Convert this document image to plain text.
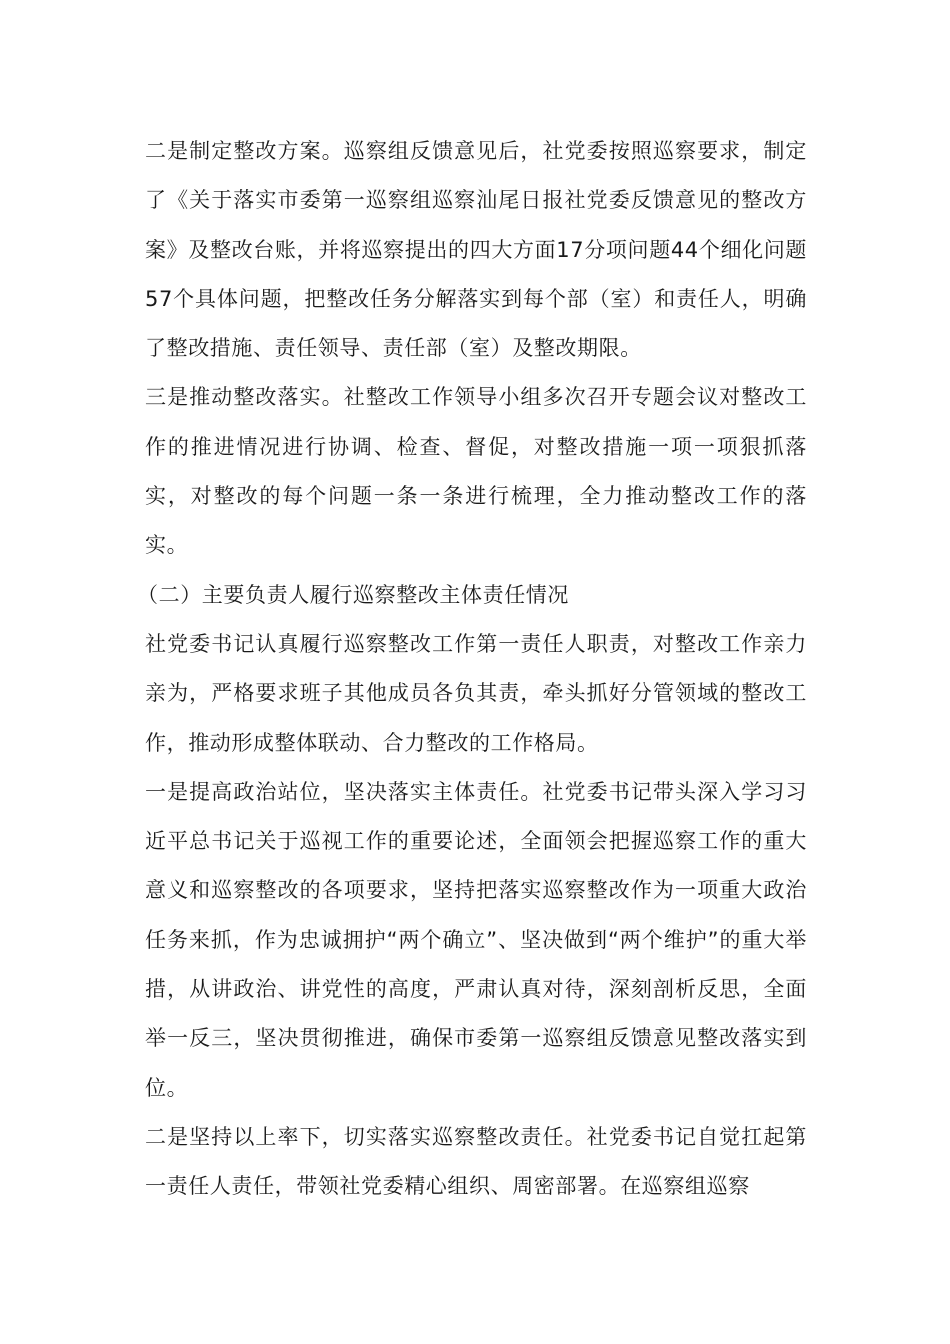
二是制定整改方案。巡察组反馈意见后，社党委按照巡察要求，制定了《关于落实市委第一巡察组巡察汕尾日报社党委反馈意见的整改方案》及整改台账，并将巡察提出的四大方面17分项问题44个细化问题57个具体问题，把整改任务分解落实到每个部（室）和责任人，明确了整改措施、责任领导、责任部（室）及整改期限。

三是推动整改落实。社整改工作领导小组多次召开专题会议对整改工作的推进情况进行协调、检查、督促，对整改措施一项一项狠抓落实，对整改的每个问题一条一条进行梳理，全力推动整改工作的落实。

（二）主要负责人履行巡察整改主体责任情况

社党委书记认真履行巡察整改工作第一责任人职责，对整改工作亲力亲为，严格要求班子其他成员各负其责，牵头抓好分管领域的整改工作，推动形成整体联动、合力整改的工作格局。

一是提高政治站位，坚决落实主体责任。社党委书记带头深入学习习近平总书记关于巡视工作的重要论述，全面领会把握巡察工作的重大意义和巡察整改的各项要求，坚持把落实巡察整改作为一项重大政治任务来抓，作为忠诚拥护“两个确立”、坚决做到“两个维护”的重大举措，从讲政治、讲党性的高度，严肃认真对待，深刻剖析反思，全面举一反三，坚决贯彻推进，确保市委第一巡察组反馈意见整改落实到位。

二是坚持以上率下，切实落实巡察整改责任。社党委书记自觉扛起第一责任人责任，带领社党委精心组织、周密部署。在巡察组巡察
